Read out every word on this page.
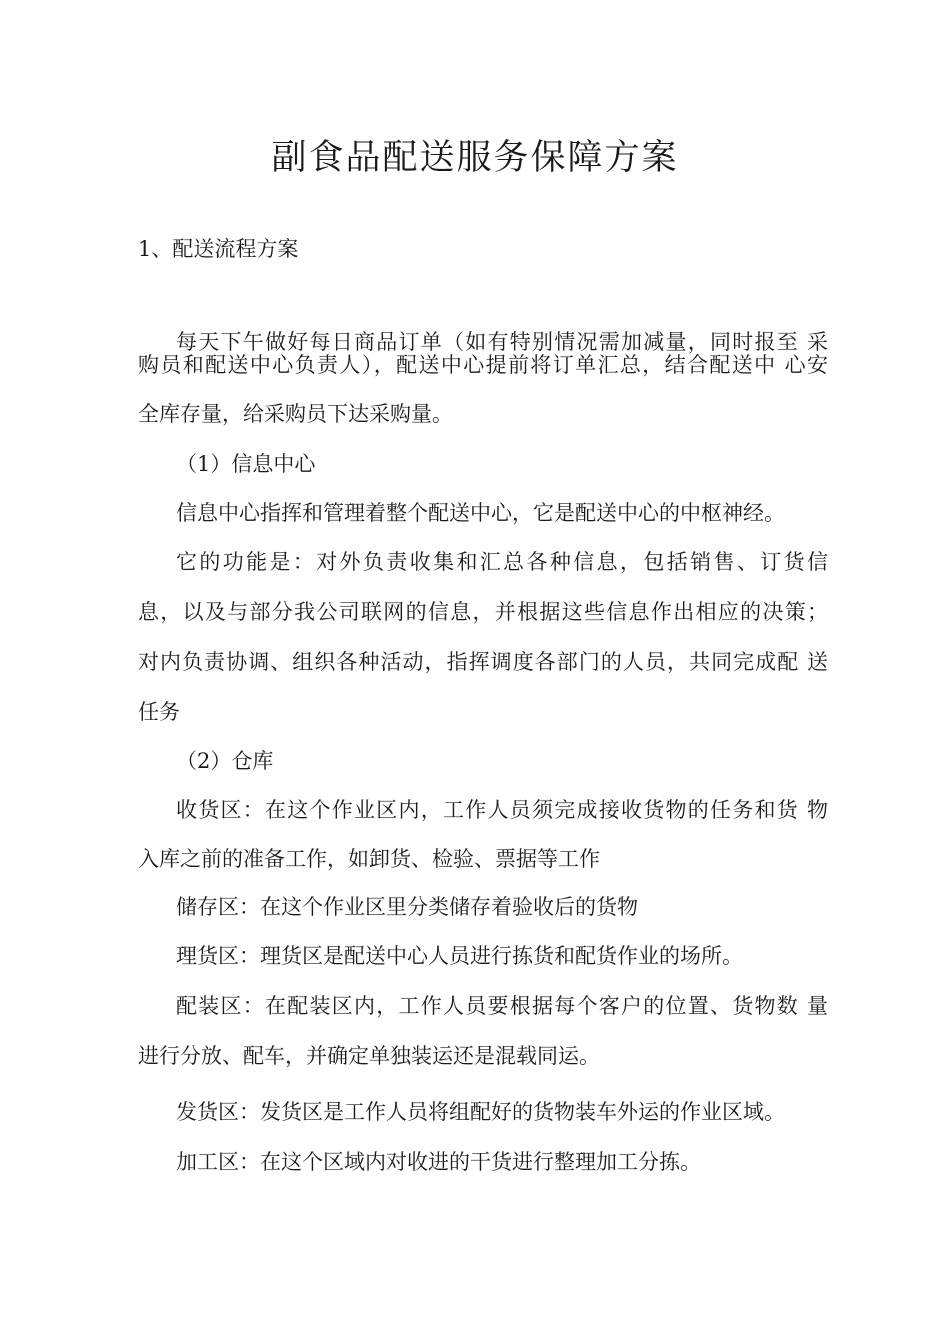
副食品配送服务保障方案

1、配送流程方案

每天下午做好每日商品订单（如有特别情况需加减量，同时报至 采

购员和配送中心负责人），配送中心提前将订单汇总，结合配送中 心安

全库存量，给采购员下达采购量。

（1）信息中心

信息中心指挥和管理着整个配送中心，它是配送中心的中枢神经。

它的功能是：对外负责收集和汇总各种信息，包括销售、订货信

息，以及与部分我公司联网的信息，并根据这些信息作出相应的决策；

对内负责协调、组织各种活动，指挥调度各部门的人员，共同完成配 送

任务

（2）仓库

收货区：在这个作业区内，工作人员须完成接收货物的任务和货 物

入库之前的准备工作，如卸货、检验、票据等工作

储存区：在这个作业区里分类储存着验收后的货物

理货区：理货区是配送中心人员进行拣货和配货作业的场所。

配装区：在配装区内，工作人员要根据每个客户的位置、货物数 量

进行分放、配车，并确定单独装运还是混载同运。

发货区：发货区是工作人员将组配好的货物装车外运的作业区域。

加工区：在这个区域内对收进的干货进行整理加工分拣。
